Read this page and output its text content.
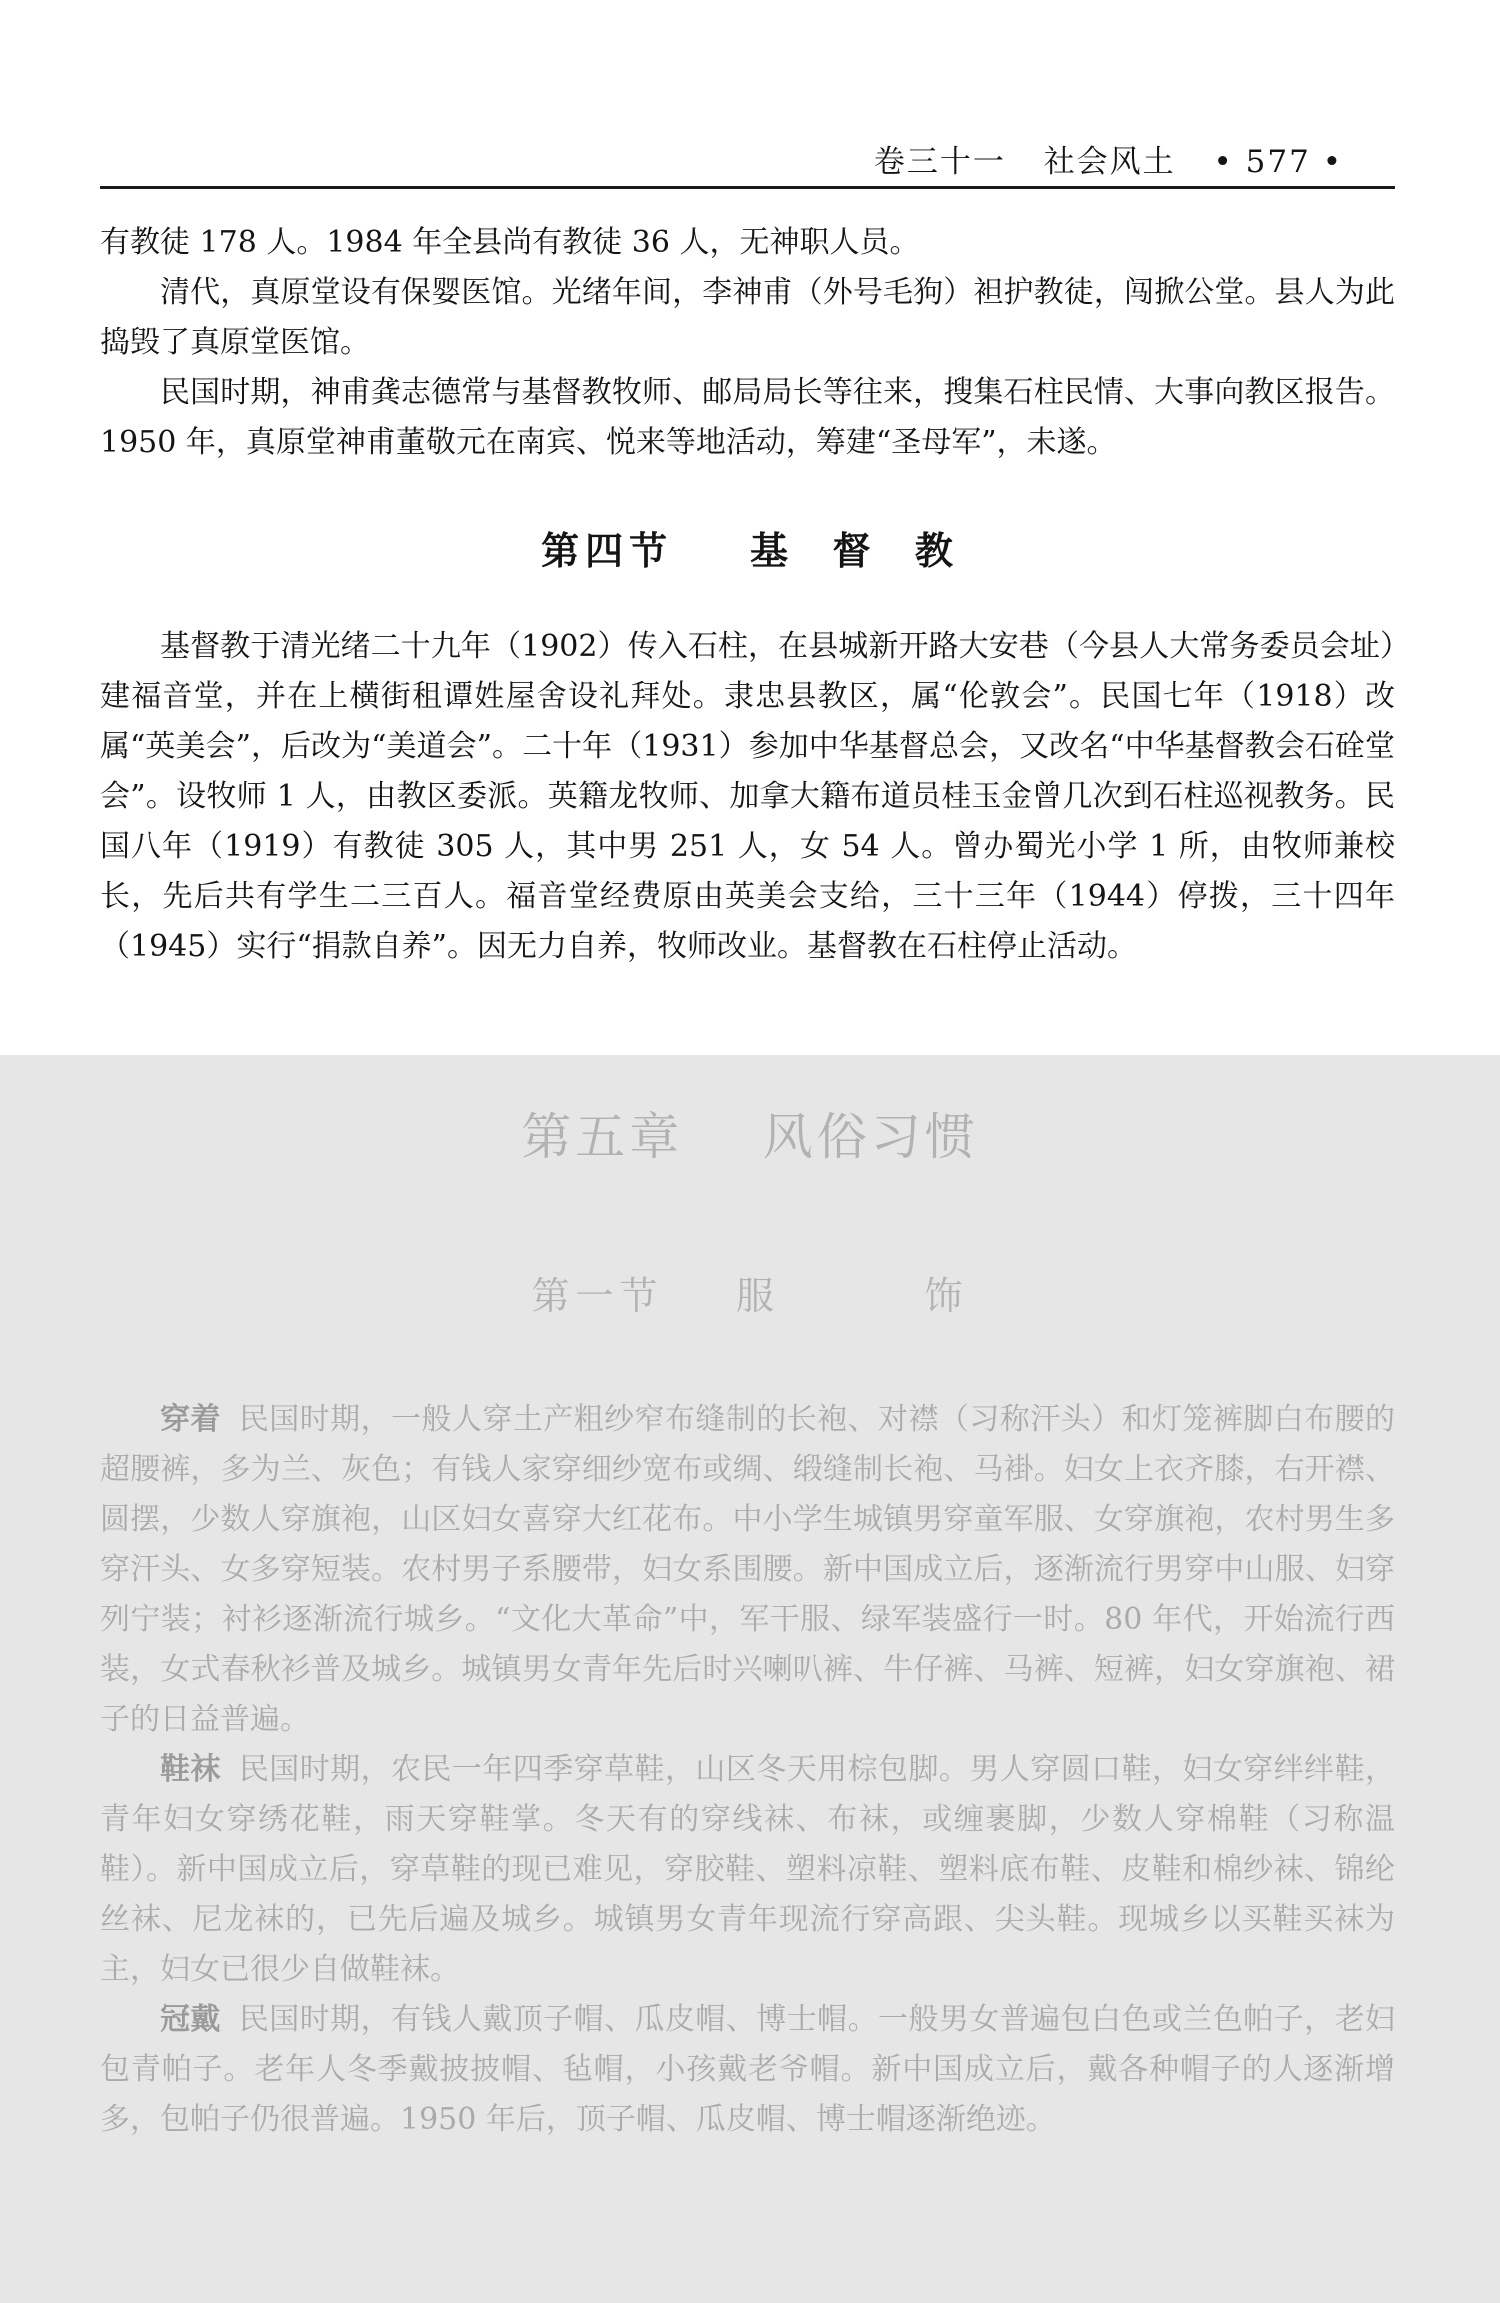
卷三十一 社会风土 • 577 •

有教徒 178 人。1984 年全县尚有教徒 36 人，无神职人员。

清代，真原堂设有保婴医馆。光绪年间，李神甫（外号毛狗）袒护教徒，闯掀公堂。县人为此捣毁了真原堂医馆。

民国时期，神甫龚志德常与基督教牧师、邮局局长等往来，搜集石柱民情、大事向教区报告。1950 年，真原堂神甫董敬元在南宾、悦来等地活动，筹建“圣母军”，未遂。

第四节    基  督  教

基督教于清光绪二十九年（1902）传入石柱，在县城新开路大安巷（今县人大常务委员会址）建福音堂，并在上横街租谭姓屋舍设礼拜处。隶忠县教区，属“伦敦会”。民国七年（1918）改属“英美会”，后改为“美道会”。二十年（1931）参加中华基督总会，又改名“中华基督教会石硂堂会”。设牧师 1 人，由教区委派。英籍龙牧师、加拿大籍布道员桂玉金曾几次到石柱巡视教务。民国八年（1919）有教徒 305 人，其中男 251 人，女 54 人。曾办蜀光小学 1 所，由牧师兼校长，先后共有学生二三百人。福音堂经费原由英美会支给，三十三年（1944）停拨，三十四年（1945）实行“捐款自养”。因无力自养，牧师改业。基督教在石柱停止活动。

第五章    风俗习惯
第一节    服        饰

穿着 民国时期，一般人穿土产粗纱窄布缝制的长袍、对襟（习称汗头）和灯笼裤脚白布腰的超腰裤，多为兰、灰色；有钱人家穿细纱宽布或绸、缎缝制长袍、马褂。妇女上衣齐膝，右开襟、圆摆，少数人穿旗袍，山区妇女喜穿大红花布。中小学生城镇男穿童军服、女穿旗袍，农村男生多穿汗头、女多穿短装。农村男子系腰带，妇女系围腰。新中国成立后，逐渐流行男穿中山服、妇穿列宁装；衬衫逐渐流行城乡。“文化大革命”中，军干服、绿军装盛行一时。80 年代，开始流行西装，女式春秋衫普及城乡。城镇男女青年先后时兴喇叭裤、牛仔裤、马裤、短裤，妇女穿旗袍、裙子的日益普遍。

鞋袜 民国时期，农民一年四季穿草鞋，山区冬天用棕包脚。男人穿圆口鞋，妇女穿绊绊鞋，青年妇女穿绣花鞋，雨天穿鞋掌。冬天有的穿线袜、布袜，或缠裹脚，少数人穿棉鞋（习称温鞋）。新中国成立后，穿草鞋的现已难见，穿胶鞋、塑料凉鞋、塑料底布鞋、皮鞋和棉纱袜、锦纶丝袜、尼龙袜的，已先后遍及城乡。城镇男女青年现流行穿高跟、尖头鞋。现城乡以买鞋买袜为主，妇女已很少自做鞋袜。

冠戴 民国时期，有钱人戴顶子帽、瓜皮帽、博士帽。一般男女普遍包白色或兰色帕子，老妇包青帕子。老年人冬季戴披披帽、毡帽，小孩戴老爷帽。新中国成立后，戴各种帽子的人逐渐增多，包帕子仍很普遍。1950 年后，顶子帽、瓜皮帽、博士帽逐渐绝迹。
